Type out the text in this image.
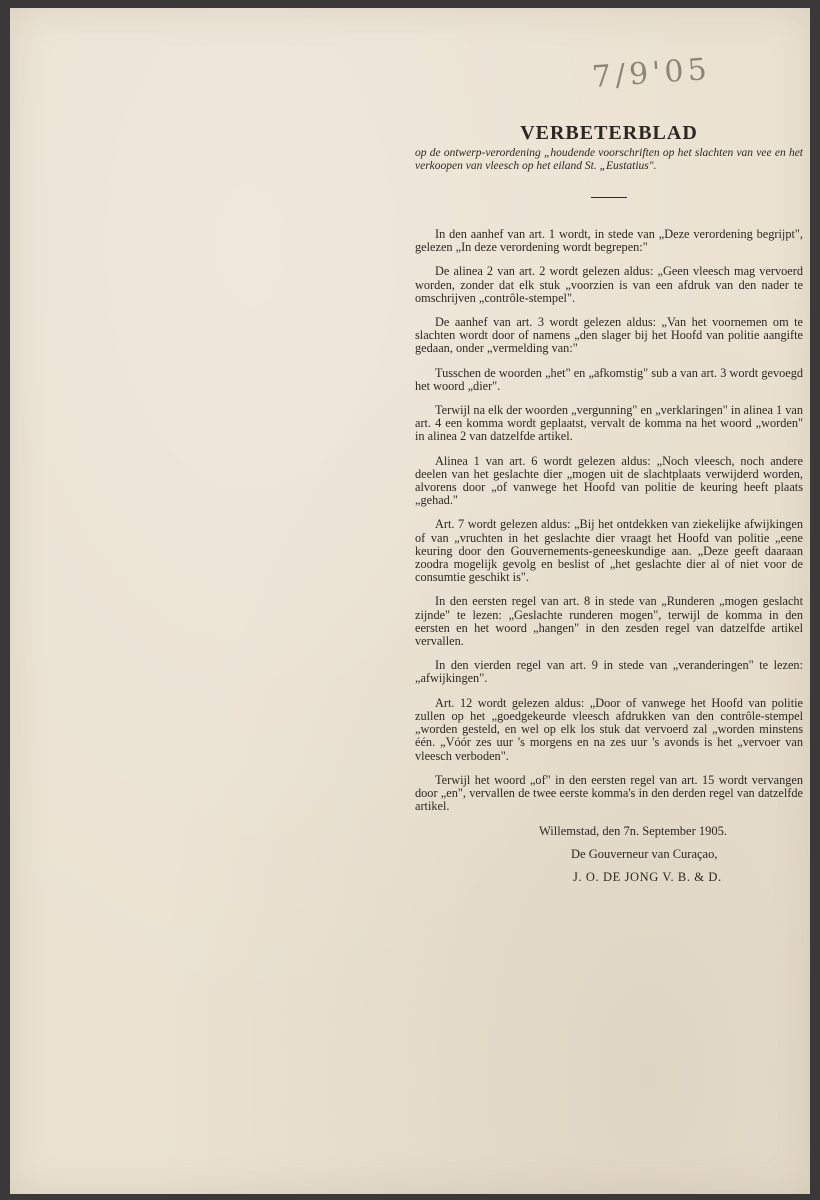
7/9'05
VERBETERBLAD

op de ontwerp-verordening „houdende voorschriften op het slachten van vee en het verkoopen van vleesch op het eiland St. „Eustatius".

In den aanhef van art. 1 wordt, in stede van „Deze verordening begrijpt", gelezen „In deze verordening wordt begrepen:"

De alinea 2 van art. 2 wordt gelezen aldus: „Geen vleesch mag vervoerd worden, zonder dat elk stuk „voorzien is van een afdruk van den nader te omschrijven „contrôle-stempel".

De aanhef van art. 3 wordt gelezen aldus: „Van het voornemen om te slachten wordt door of namens „den slager bij het Hoofd van politie aangifte gedaan, onder „vermelding van:"

Tusschen de woorden „het" en „afkomstig" sub a van art. 3 wordt gevoegd het woord „dier".

Terwijl na elk der woorden „vergunning" en „verklaringen" in alinea 1 van art. 4 een komma wordt geplaatst, vervalt de komma na het woord „worden" in alinea 2 van datzelfde artikel.

Alinea 1 van art. 6 wordt gelezen aldus: „Noch vleesch, noch andere deelen van het geslachte dier „mogen uit de slachtplaats verwijderd worden, alvorens door „of vanwege het Hoofd van politie de keuring heeft plaats „gehad."

Art. 7 wordt gelezen aldus: „Bij het ontdekken van ziekelijke afwijkingen of van „vruchten in het geslachte dier vraagt het Hoofd van politie „eene keuring door den Gouvernements-geneeskundige aan. „Deze geeft daaraan zoodra mogelijk gevolg en beslist of „het geslachte dier al of niet voor de consumtie geschikt is".

In den eersten regel van art. 8 in stede van „Runderen „mogen geslacht zijnde" te lezen: „Geslachte runderen mogen", terwijl de komma in den eersten en het woord „hangen" in den zesden regel van datzelfde artikel vervallen.

In den vierden regel van art. 9 in stede van „veranderingen" te lezen: „afwijkingen".

Art. 12 wordt gelezen aldus: „Door of vanwege het Hoofd van politie zullen op het „goedgekeurde vleesch afdrukken van den contrôle-stempel „worden gesteld, en wel op elk los stuk dat vervoerd zal „worden minstens één. „Vóór zes uur 's morgens en na zes uur 's avonds is het „vervoer van vleesch verboden".

Terwijl het woord „of" in den eersten regel van art. 15 wordt vervangen door „en", vervallen de twee eerste komma's in den derden regel van datzelfde artikel.

Willemstad, den 7n. September 1905.
De Gouverneur van Curaçao,
J. O. DE JONG V. B. & D.
